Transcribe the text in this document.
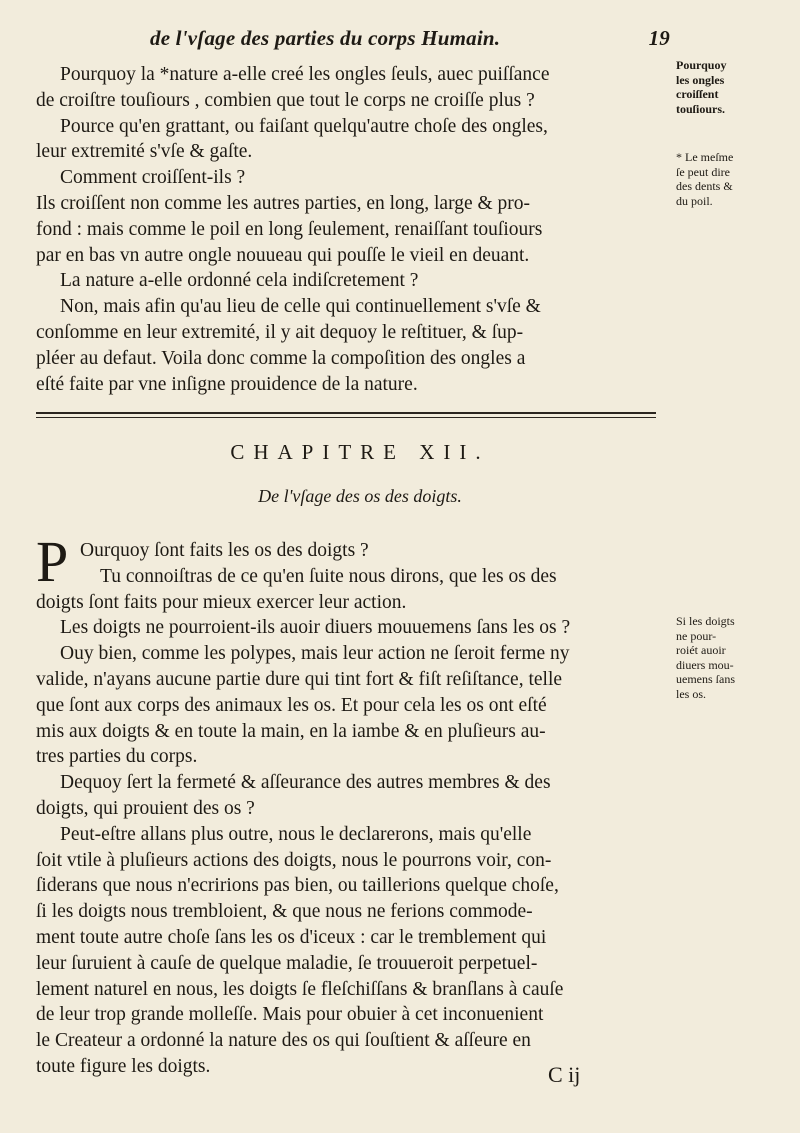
de l'vſage des parties du corps Humain.	19
Pourquoy la *nature a-elle creé les ongles ſeuls, auec puiſſance
de croiſtre touſiours , combien que tout le corps ne croiſſe plus ?
Pource qu'en grattant, ou faiſant quelqu'autre choſe des ongles,
leur extremité s'vſe & gaſte.
Comment croiſſent-ils ?
Ils croiſſent non comme les autres parties, en long, large & pro-
fond : mais comme le poil en long ſeulement, renaiſſant touſiours
par en bas vn autre ongle nouueau qui pouſſe le vieil en deuant.
La nature a-elle ordonné cela indiſcretement ?
Non, mais afin qu'au lieu de celle qui continuellement s'vſe &
conſomme en leur extremité, il y ait dequoy le reſtituer, & ſup-
pléer au defaut. Voila donc comme la compoſition des ongles a
eſté faite par vne inſigne prouidence de la nature.
Pourquoy
les ongles
croiſſent
touſiours.
* Le meſme
ſe peut dire
des dents &
du poil.
CHAPITRE XII.
De l'vſage des os des doigts.
P Ourquoy ſont faits les os des doigts ?
Tu connoiſtras de ce qu'en ſuite nous dirons, que les os des
doigts ſont faits pour mieux exercer leur action.
Les doigts ne pourroient-ils auoir diuers mouuemens ſans les os ?
Ouy bien, comme les polypes, mais leur action ne ſeroit ferme ny
valide, n'ayans aucune partie dure qui tint fort & fiſt reſiſtance, telle
que ſont aux corps des animaux les os. Et pour cela les os ont eſté
mis aux doigts & en toute la main, en la iambe & en pluſieurs au-
tres parties du corps.
Dequoy ſert la fermeté & aſſeurance des autres membres & des
doigts, qui prouient des os ?
Peut-eſtre allans plus outre, nous le declarerons, mais qu'elle
ſoit vtile à pluſieurs actions des doigts, nous le pourrons voir, con-
ſiderans que nous n'ecririons pas bien, ou taillerions quelque choſe,
ſi les doigts nous trembloient, & que nous ne ferions commode-
ment toute autre choſe ſans les os d'iceux : car le tremblement qui
leur ſuruient à cauſe de quelque maladie, ſe trouueroit perpetuel-
lement naturel en nous, les doigts ſe fleſchiſſans & branſlans à cauſe
de leur trop grande molleſſe. Mais pour obuier à cet inconuenient
le Createur a ordonné la nature des os qui ſouſtient & aſſeure en
toute figure les doigts.
Si les doigts
ne pour-
roiét auoir
diuers mou-
uemens ſans
les os.
C ij
